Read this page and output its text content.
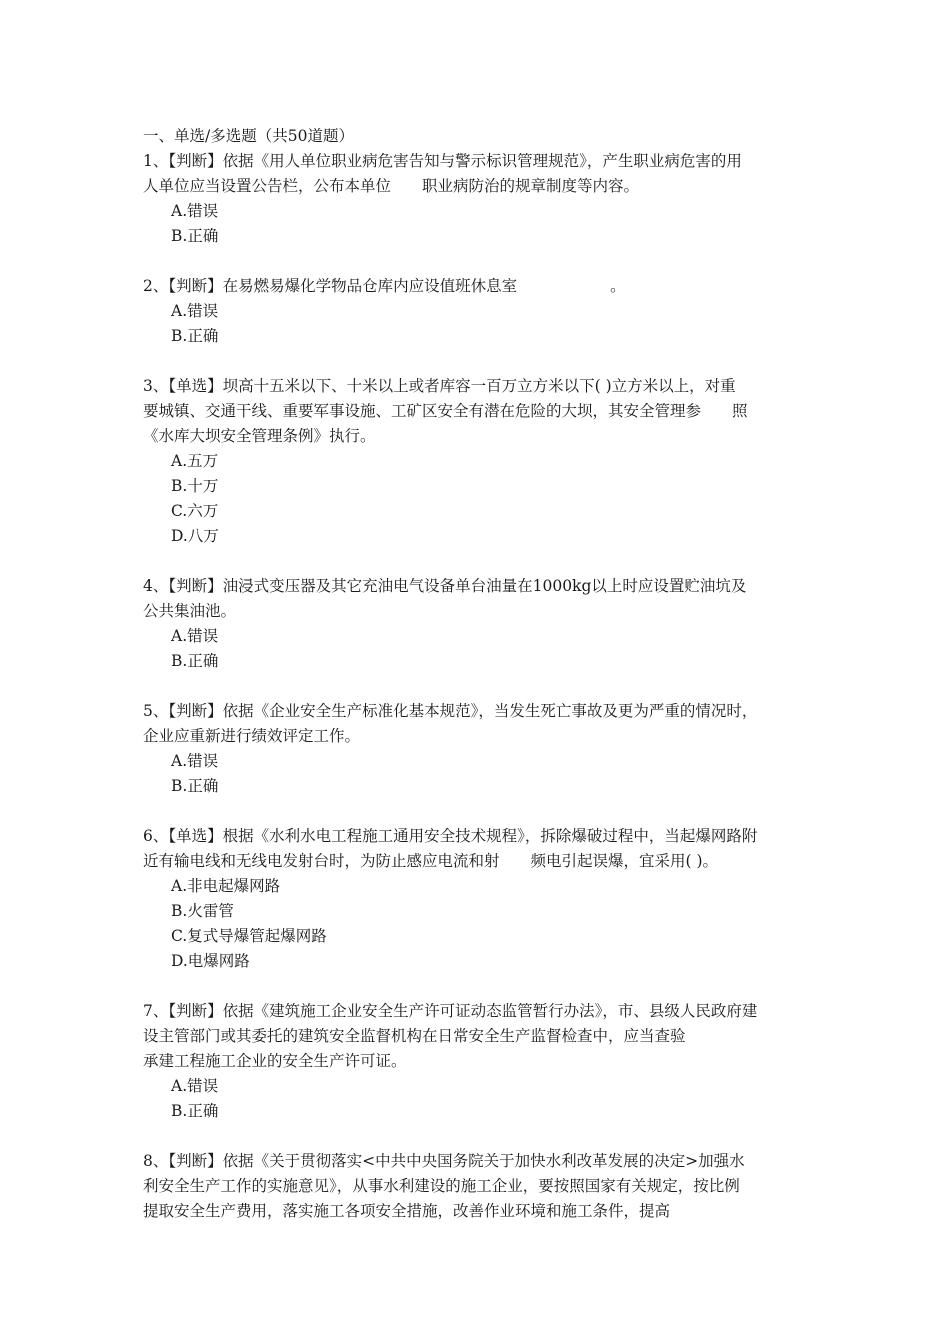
一、单选/多选题（共50道题）

1、【判断】依据《用人单位职业病危害告知与警示标识管理规范》，产生职业病危害的用
人单位应当设置公告栏，公布本单位　　职业病防治的规章制度等内容。

A.错误
B.正确

2、【判断】在易燃易爆化学物品仓库内应设值班休息室　　　　　　。

A.错误
B.正确

3、【单选】坝高十五米以下、十米以上或者库容一百万立方米以下( )立方米以上，对重
要城镇、交通干线、重要军事设施、工矿区安全有潜在危险的大坝，其安全管理参　　照
《水库大坝安全管理条例》执行。

A.五万
B.十万
C.六万
D.八万

4、【判断】油浸式变压器及其它充油电气设备单台油量在1000kg以上时应设置贮油坑及
公共集油池。

A.错误
B.正确

5、【判断】依据《企业安全生产标准化基本规范》，当发生死亡事故及更为严重的情况时，
企业应重新进行绩效评定工作。

A.错误
B.正确

6、【单选】根据《水利水电工程施工通用安全技术规程》，拆除爆破过程中，当起爆网路附
近有输电线和无线电发射台时，为防止感应电流和射　　频电引起误爆，宜采用( )。

A.非电起爆网路
B.火雷管
C.复式导爆管起爆网路
D.电爆网路

7、【判断】依据《建筑施工企业安全生产许可证动态监管暂行办法》，市、县级人民政府建
设主管部门或其委托的建筑安全监督机构在日常安全生产监督检查中，应当查验
承建工程施工企业的安全生产许可证。

A.错误
B.正确

8、【判断】依据《关于贯彻落实<中共中央国务院关于加快水利改革发展的决定>加强水
利安全生产工作的实施意见》，从事水利建设的施工企业，要按照国家有关规定，按比例
提取安全生产费用，落实施工各项安全措施，改善作业环境和施工条件，提高
